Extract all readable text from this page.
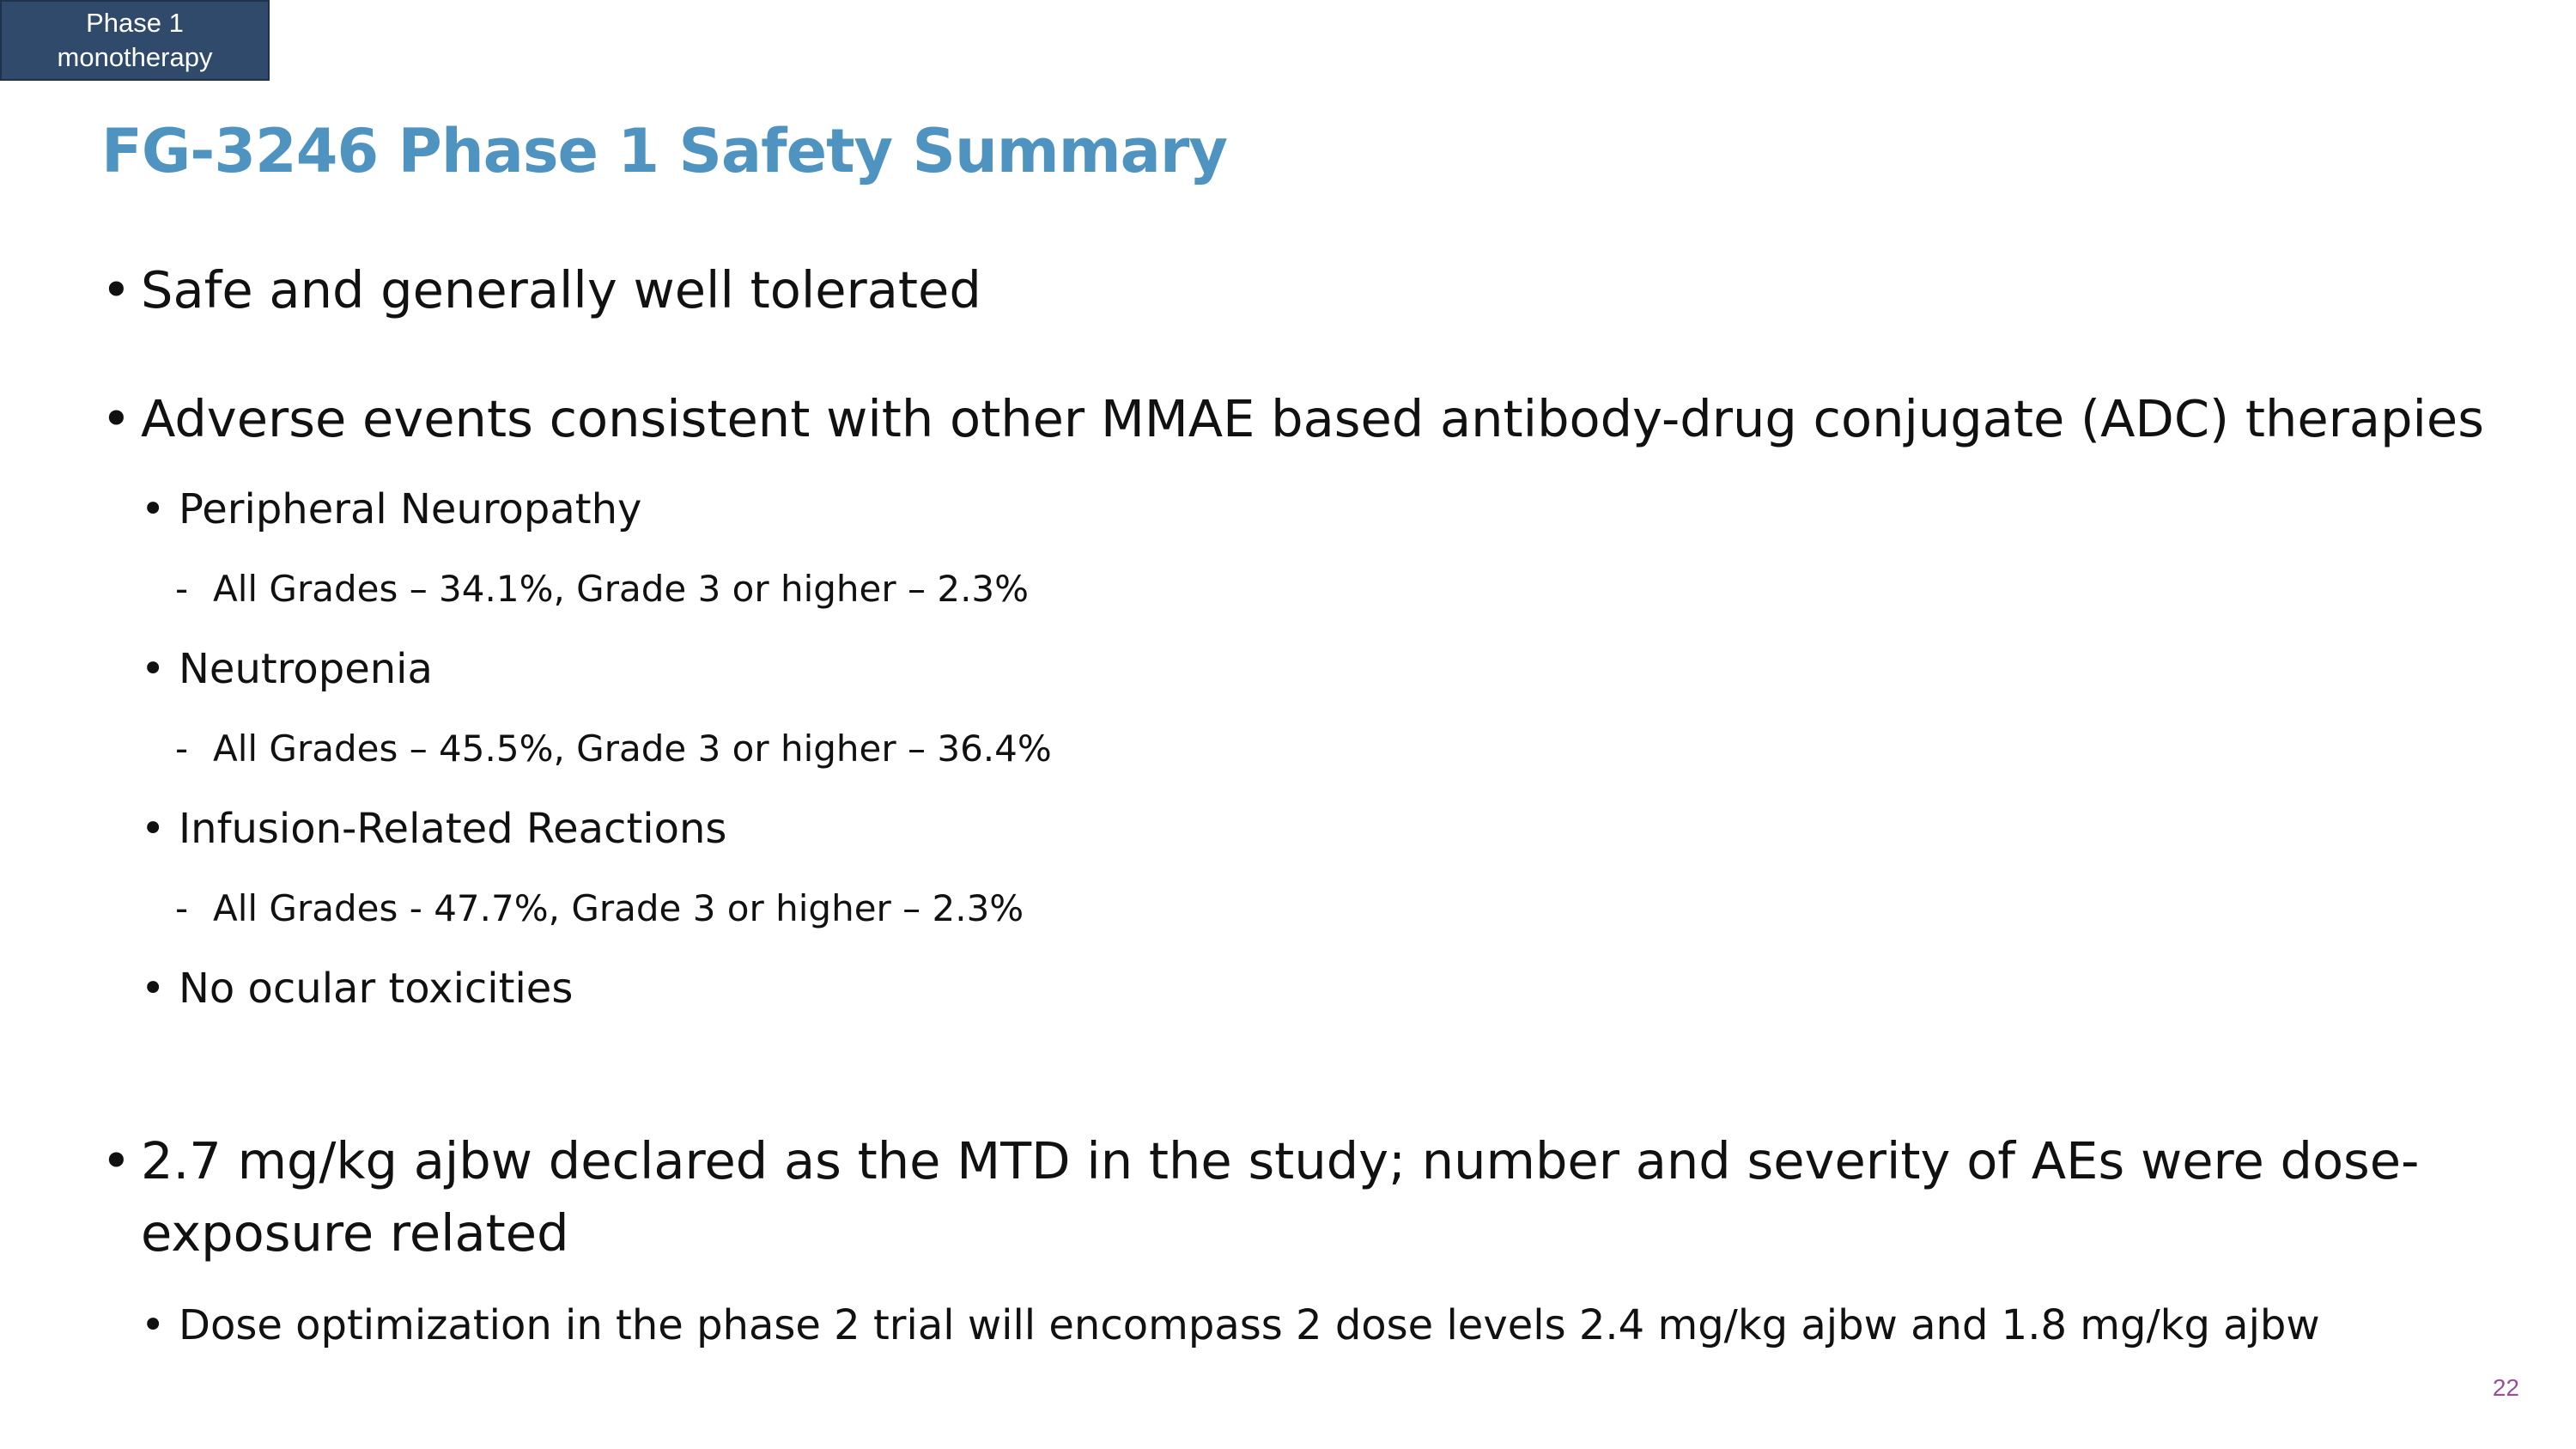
Phase 1
monotherapy
FG-3246 Phase 1 Safety Summary
• Safe and generally well tolerated
• Adverse events consistent with other MMAE based antibody-drug conjugate (ADC) therapies
• Peripheral Neuropathy
- All Grades – 34.1%, Grade 3 or higher – 2.3%
• Neutropenia
- All Grades – 45.5%, Grade 3 or higher – 36.4%
• Infusion-Related Reactions
- All Grades - 47.7%, Grade 3 or higher – 2.3%
• No ocular toxicities
• 2.7 mg/kg ajbw declared as the MTD in the study; number and severity of AEs were dose-exposure related
• Dose optimization in the phase 2 trial will encompass 2 dose levels 2.4 mg/kg ajbw and 1.8 mg/kg ajbw
22
